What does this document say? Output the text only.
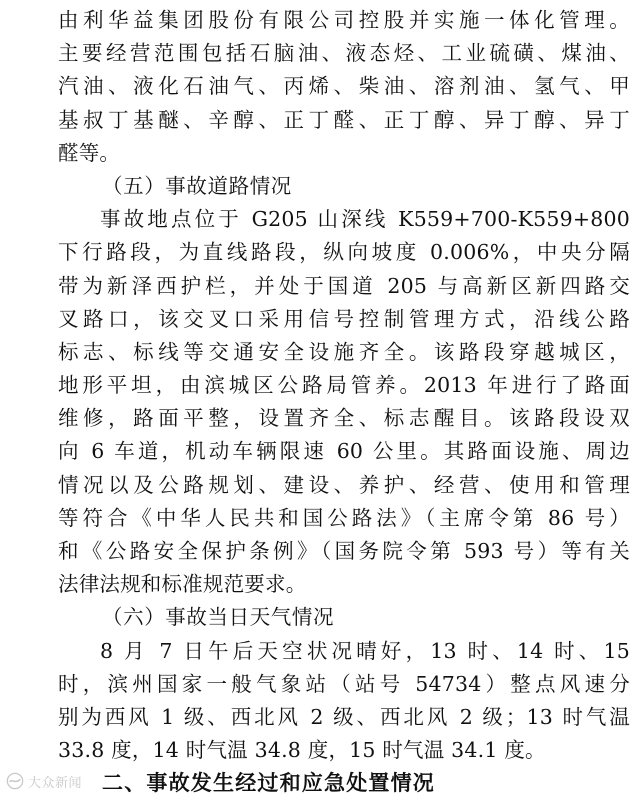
由利华益集团股份有限公司控股并实施一体化管理。
主要经营范围包括石脑油、液态烃、工业硫磺、煤油、
汽油、液化石油气、丙烯、柴油、溶剂油、氢气、甲
基叔丁基醚、辛醇、正丁醛、正丁醇、异丁醇、异丁
醛等。
（五）事故道路情况
事故地点位于 G205 山深线 K559+700-K559+800
下行路段，为直线路段，纵向坡度 0.006%，中央分隔
带为新泽西护栏，并处于国道 205 与高新区新四路交
叉路口，该交叉口采用信号控制管理方式，沿线公路
标志、标线等交通安全设施齐全。该路段穿越城区，
地形平坦，由滨城区公路局管养。2013 年进行了路面
维修，路面平整，设置齐全、标志醒目。该路段设双
向 6 车道，机动车辆限速 60 公里。其路面设施、周边
情况以及公路规划、建设、养护、经营、使用和管理
等符合《中华人民共和国公路法》（主席令第 86 号）
和《公路安全保护条例》（国务院令第 593 号）等有关
法律法规和标准规范要求。
（六）事故当日天气情况
8 月 7 日午后天空状况晴好，13 时、14 时、15
时，滨州国家一般气象站（站号 54734）整点风速分
别为西风 1 级、西北风 2 级、西北风 2 级；13 时气温
33.8 度，14 时气温 34.8 度，15 时气温 34.1 度。
二、事故发生经过和应急处置情况
大众新闻
